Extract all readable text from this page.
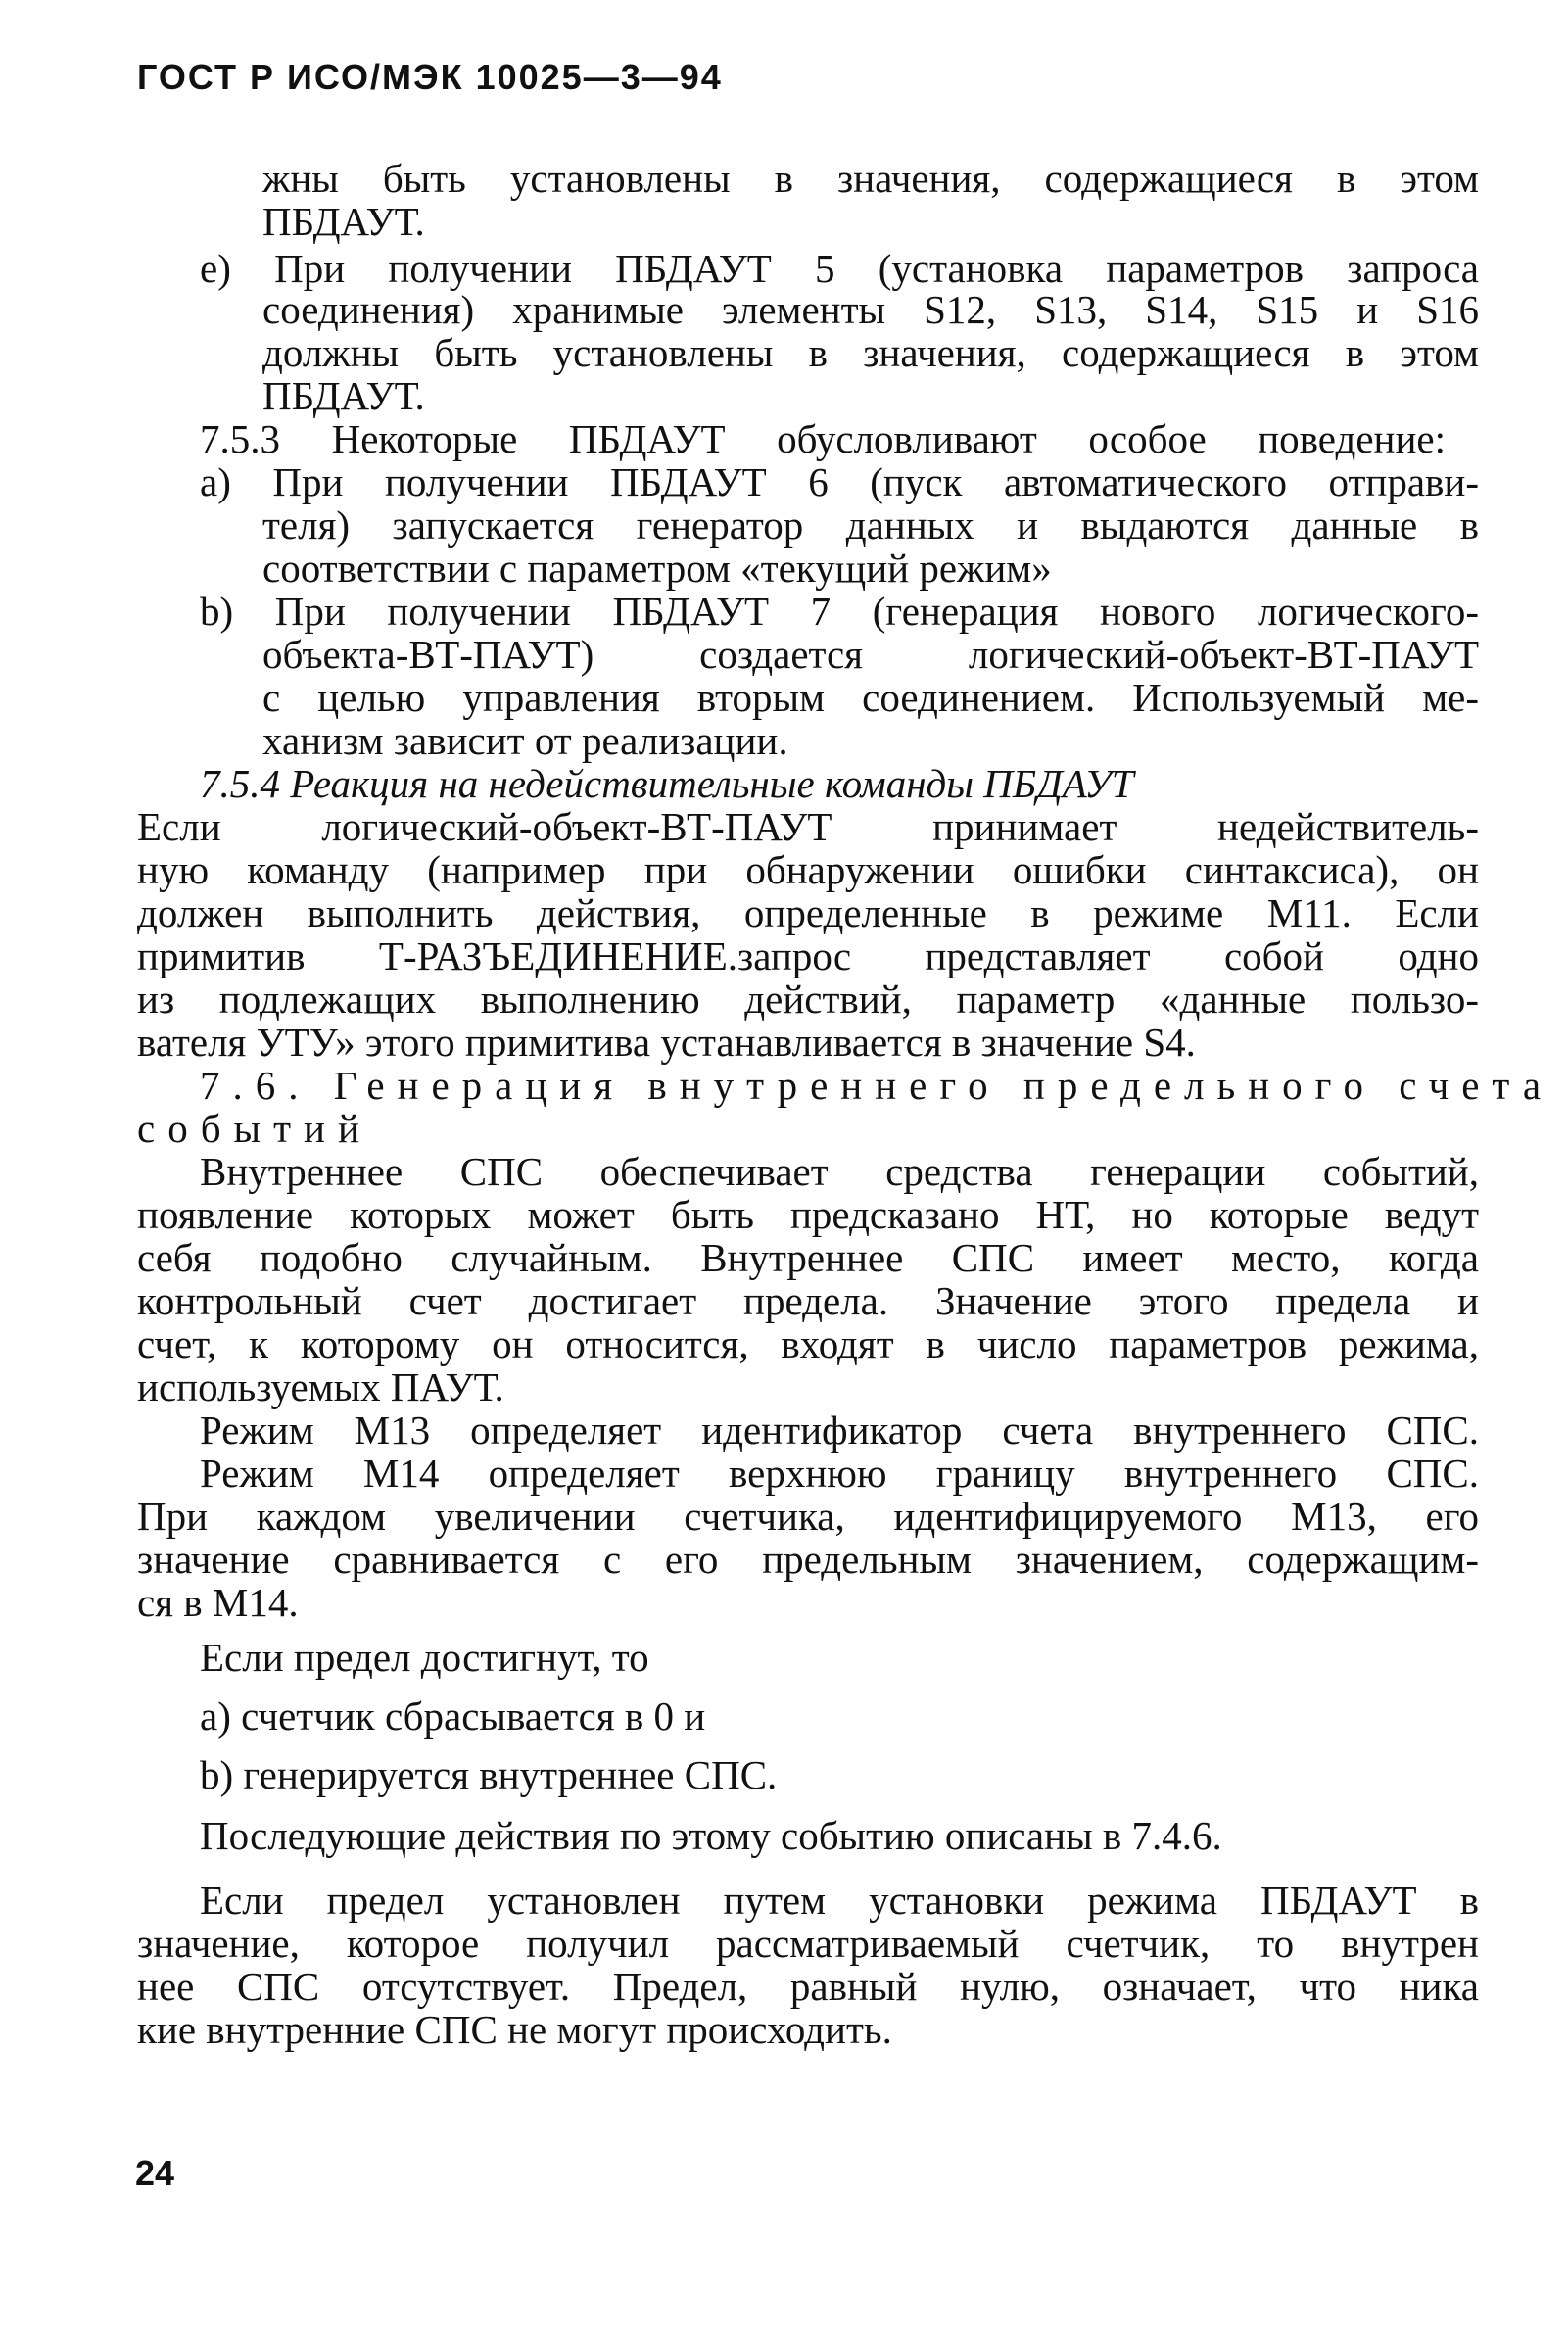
ГОСТ Р ИСО/МЭК 10025—3—94
жны быть установлены в значения, содержащиеся в этом
ПБДАУТ.
e) При получении ПБДАУТ 5 (установка параметров запроса
соединения) хранимые элементы S12, S13, S14, S15 и S16
должны быть установлены в значения, содержащиеся в этом
ПБДАУТ.
7.5.3 Некоторые ПБДАУТ обусловливают особое поведение:
a) При получении ПБДАУТ 6 (пуск автоматического отправи-
теля) запускается генератор данных и выдаются данные в
соответствии с параметром «текущий режим»
b) При получении ПБДАУТ 7 (генерация нового логического-
объекта-ВТ-ПАУТ) создается логический-объект-ВТ-ПАУТ
с целью управления вторым соединением. Используемый ме-
ханизм зависит от реализации.
7.5.4 Реакция на недействительные команды ПБДАУТ
Если логический-объект-ВТ-ПАУТ принимает недействитель-
ную команду (например при обнаружении ошибки синтаксиса), он
должен выполнить действия, определенные в режиме M11. Если
примитив Т-РАЗЪЕДИНЕНИЕ.запрос представляет собой одно
из подлежащих выполнению действий, параметр «данные пользо-
вателя УТУ» этого примитива устанавливается в значение S4.
7.6. Генерация внутреннего предельного счета
событий
Внутреннее СПС обеспечивает средства генерации событий,
появление которых может быть предсказано НТ, но которые ведут
себя подобно случайным. Внутреннее СПС имеет место, когда
контрольный счет достигает предела. Значение этого предела и
счет, к которому он относится, входят в число параметров режима,
используемых ПАУТ.
Режим M13 определяет идентификатор счета внутреннего СПС.
Режим M14 определяет верхнюю границу внутреннего СПС.
При каждом увеличении счетчика, идентифицируемого M13, его
значение сравнивается с его предельным значением, содержащим-
ся в M14.
Если предел достигнут, то
a) счетчик сбрасывается в 0 и
b) генерируется внутреннее СПС.
Последующие действия по этому событию описаны в 7.4.6.
Если предел установлен путем установки режима ПБДАУТ в
значение, которое получил рассматриваемый счетчик, то внутрен
нее СПС отсутствует. Предел, равный нулю, означает, что ника
кие внутренние СПС не могут происходить.
24
